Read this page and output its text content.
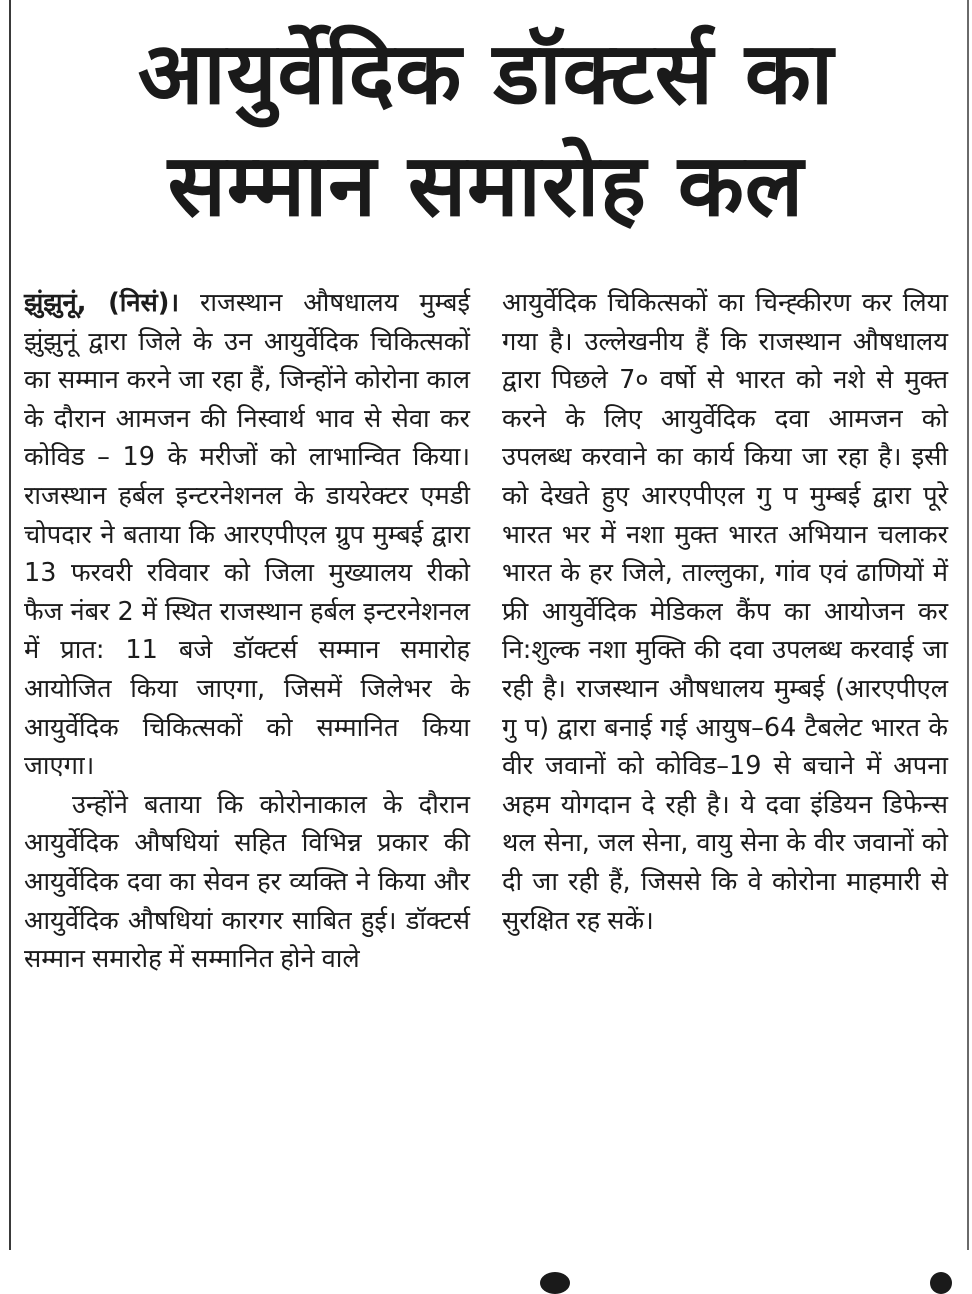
आयुर्वेदिक डॉक्टर्स का
सम्मान समारोह कल

झुंझुनूं, (निसं)। राजस्थान औषधालय मुम्बई झुंझुनूं द्वारा जिले के उन आयुर्वेदिक चिकित्सकों का सम्मान करने जा रहा हैं, जिन्होंने कोरोना काल के दौरान आमजन की निस्वार्थ भाव से सेवा कर कोविड – 19 के मरीजों को लाभान्वित किया। राजस्थान हर्बल इन्टरनेशनल के डायरेक्टर एमडी चोपदार ने बताया कि आरएपीएल ग्रुप मुम्बई द्वारा 13 फरवरी रविवार को जिला मुख्यालय रीको फैज नंबर 2 में स्थित राजस्थान हर्बल इन्टरनेशनल में प्रात: 11 बजे डॉक्टर्स सम्मान समारोह आयोजित किया जाएगा, जिसमें जिलेभर के आयुर्वेदिक चिकित्सकों को सम्मानित किया जाएगा।

उन्होंने बताया कि कोरोनाकाल के दौरान आयुर्वेदिक औषधियां सहित विभिन्न प्रकार की आयुर्वेदिक दवा का सेवन हर व्यक्ति ने किया और आयुर्वेदिक औषधियां कारगर साबित हुई। डॉक्टर्स सम्मान समारोह में सम्मानित होने वाले

आयुर्वेदिक चिकित्सकों का चिन्ह्कीरण कर लिया गया है। उल्लेखनीय हैं कि राजस्थान औषधालय द्वारा पिछले 7० वर्षो से भारत को नशे से मुक्त करने के लिए आयुर्वेदिक दवा आमजन को उपलब्ध करवाने का कार्य किया जा रहा है। इसी को देखते हुए आरएपीएल गु प मुम्बई द्वारा पूरे भारत भर में नशा मुक्त भारत अभियान चलाकर भारत के हर जिले, ताल्लुका, गांव एवं ढाणियों में फ्री आयुर्वेदिक मेडिकल कैंप का आयोजन कर नि:शुल्क नशा मुक्ति की दवा उपलब्ध करवाई जा रही है। राजस्थान औषधालय मुम्बई (आरएपीएल गु प) द्वारा बनाई गई आयुष–64 टैबलेट भारत के वीर जवानों को कोविड–19 से बचाने में अपना अहम योगदान दे रही है। ये दवा इंडियन डिफेन्स थल सेना, जल सेना, वायु सेना के वीर जवानों को दी जा रही हैं, जिससे कि वे कोरोना माहमारी से सुरक्षित रह सकें।
